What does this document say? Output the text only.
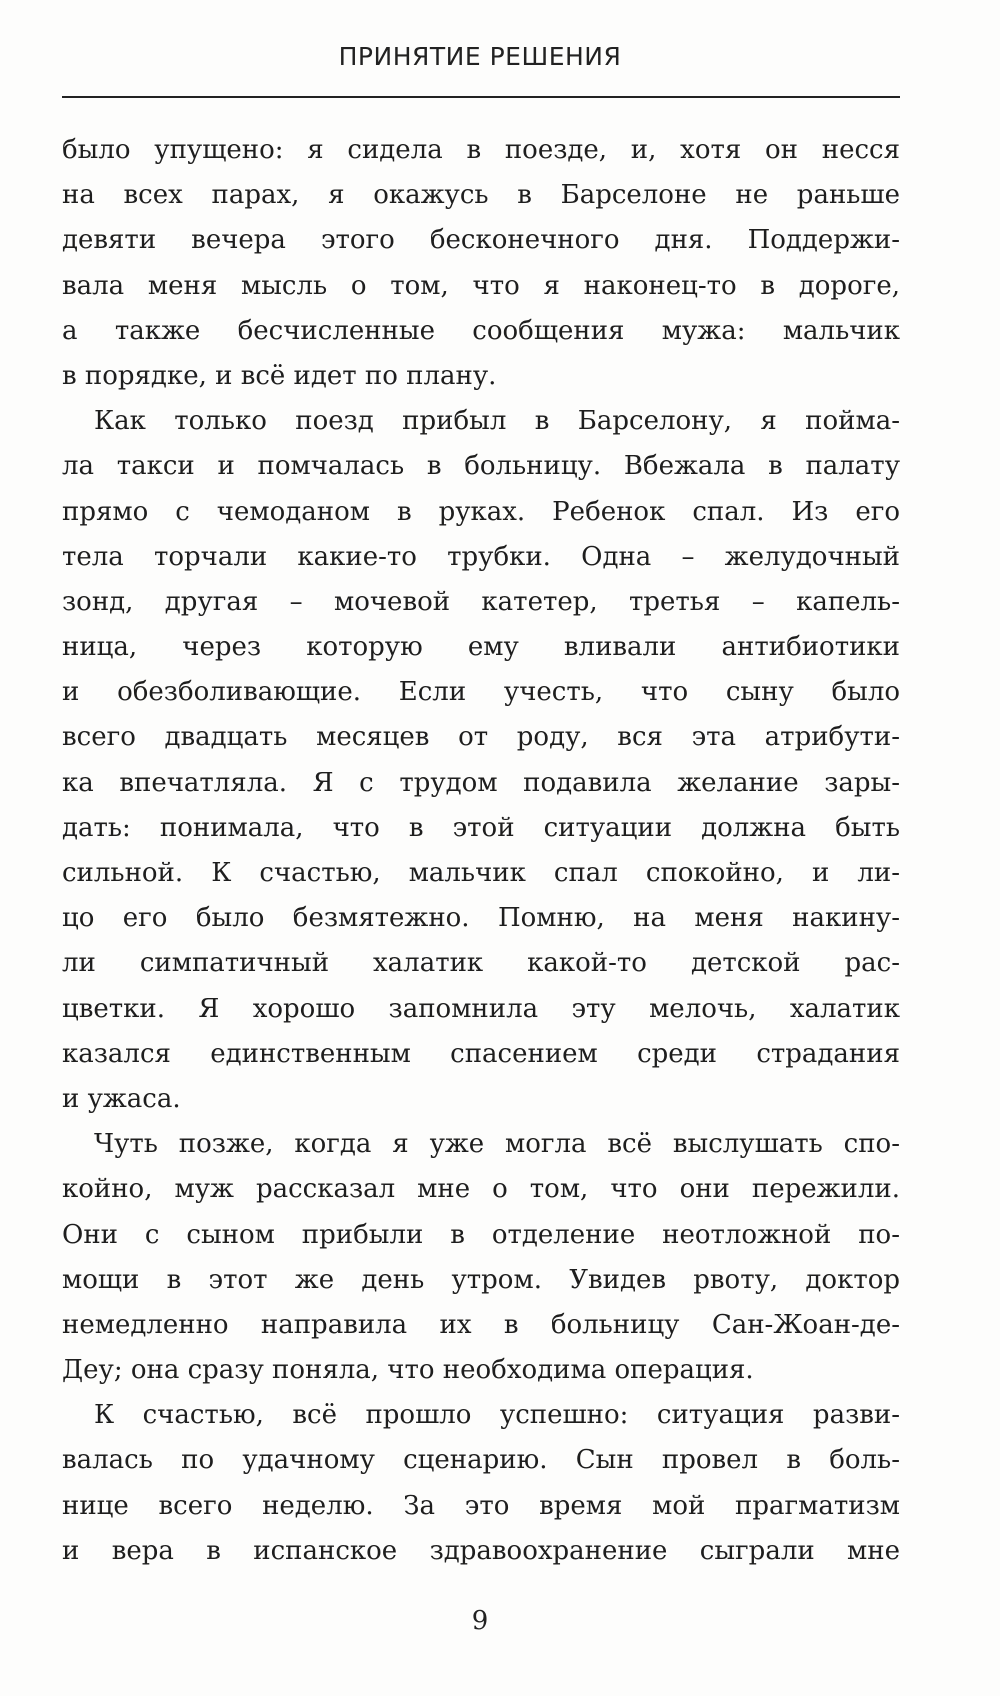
ПРИНЯТИЕ РЕШЕНИЯ
было упущено: я сидела в поезде, и, хотя он несся
на всех парах, я окажусь в Барселоне не раньше
девяти вечера этого бесконечного дня. Поддержи-
вала меня мысль о том, что я наконец-то в дороге,
а также бесчисленные сообщения мужа: мальчик
в порядке, и всё идет по плану.
Как только поезд прибыл в Барселону, я пойма-
ла такси и помчалась в больницу. Вбежала в палату
прямо с чемоданом в руках. Ребенок спал. Из его
тела торчали какие-то трубки. Одна – желудочный
зонд, другая – мочевой катетер, третья – капель-
ница, через которую ему вливали антибиотики
и обезболивающие. Если учесть, что сыну было
всего двадцать месяцев от роду, вся эта атрибути-
ка впечатляла. Я с трудом подавила желание зары-
дать: понимала, что в этой ситуации должна быть
сильной. К счастью, мальчик спал спокойно, и ли-
цо его было безмятежно. Помню, на меня накину-
ли симпатичный халатик какой-то детской рас-
цветки. Я хорошо запомнила эту мелочь, халатик
казался единственным спасением среди страдания
и ужаса.
Чуть позже, когда я уже могла всё выслушать спо-
койно, муж рассказал мне о том, что они пережили.
Они с сыном прибыли в отделение неотложной по-
мощи в этот же день утром. Увидев рвоту, доктор
немедленно направила их в больницу Сан-Жоан-де-
Деу; она сразу поняла, что необходима операция.
К счастью, всё прошло успешно: ситуация разви-
валась по удачному сценарию. Сын провел в боль-
нице всего неделю. За это время мой прагматизм
и вера в испанское здравоохранение сыграли мне
9
